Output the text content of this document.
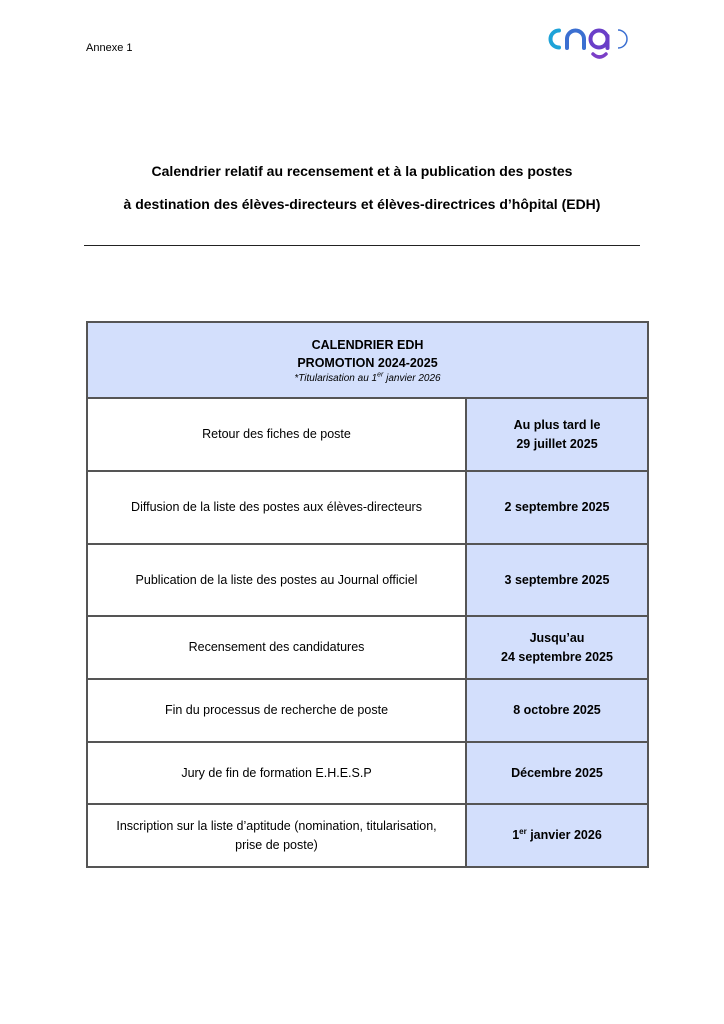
Annexe 1
Calendrier relatif au recensement et à la publication des postes
à destination des élèves-directeurs et élèves-directrices d’hôpital (EDH)
CALENDRIER EDH
PROMOTION 2024-2025
*Titularisation au 1er janvier 2026	

Retour des fiches de poste	Au plus tard le
29 juillet 2025

Diffusion de la liste des postes aux élèves-directeurs	2 septembre 2025
Publication de la liste des postes au Journal officiel	3 septembre 2025
Recensement des candidatures	Jusqu’au
24 septembre 2025

Fin du processus de recherche de poste	8 octobre 2025
Jury de fin de formation E.H.E.S.P	Décembre 2025

Inscription sur la liste d’aptitude (nomination, titularisation,
prise de poste)	1er janvier 2026
